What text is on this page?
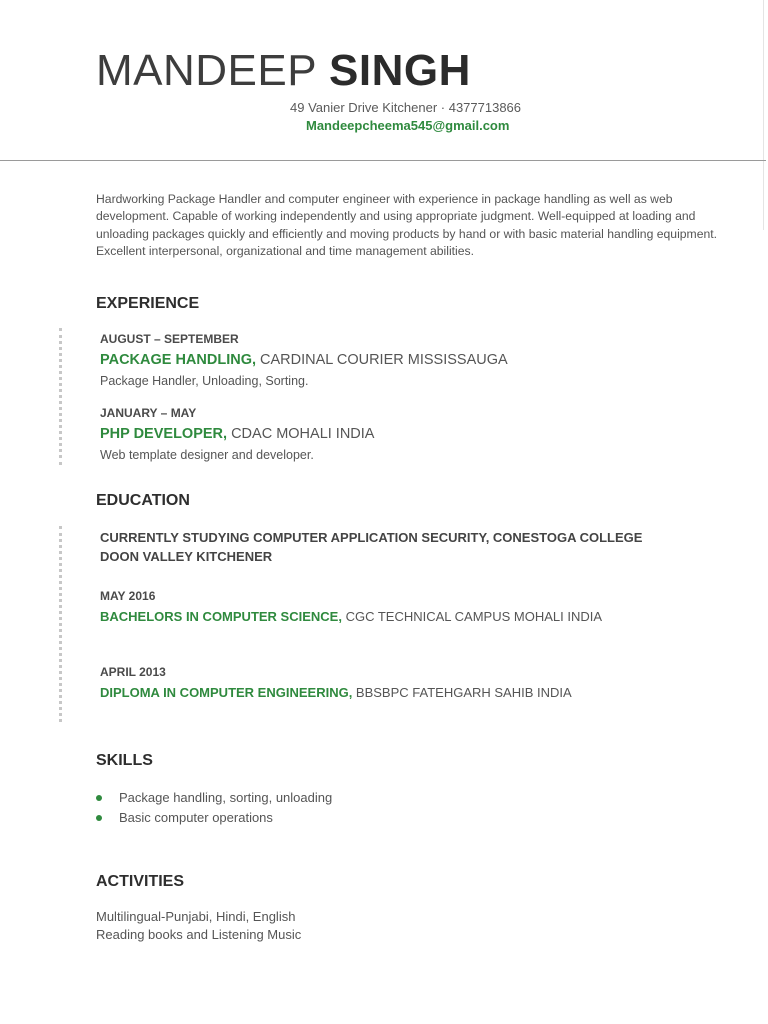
MANDEEP SINGH
49 Vanier Drive Kitchener · 4377713866
Mandeepcheema545@gmail.com

Hardworking Package Handler and computer engineer with experience in package handling as well as web development. Capable of working independently and using appropriate judgment. Well-equipped at loading and unloading packages quickly and efficiently and moving products by hand or with basic material handling equipment. Excellent interpersonal, organizational and time management abilities.

EXPERIENCE

AUGUST – SEPTEMBER

PACKAGE HANDLING, CARDINAL COURIER MISSISSAUGA

Package Handler, Unloading, Sorting.

JANUARY – MAY

PHP DEVELOPER, CDAC MOHALI INDIA

Web template designer and developer.

EDUCATION

CURRENTLY STUDYING COMPUTER APPLICATION SECURITY, CONESTOGA COLLEGE
DOON VALLEY KITCHENER

MAY 2016

BACHELORS IN COMPUTER SCIENCE, CGC TECHNICAL CAMPUS MOHALI INDIA

APRIL 2013

DIPLOMA IN COMPUTER ENGINEERING, BBSBPC FATEHGARH SAHIB INDIA

SKILLS
Package handling, sorting, unloading
Basic computer operations
ACTIVITIES

Multilingual-Punjabi, Hindi, English
Reading books and Listening Music
